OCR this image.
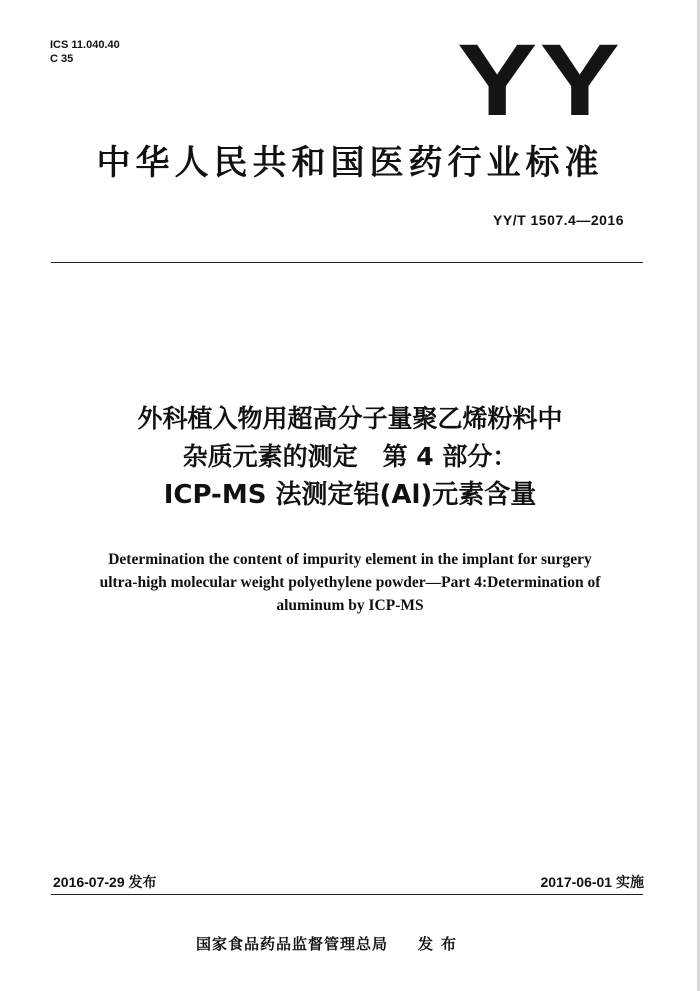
ICS 11.040.40
C 35	YY
中华人民共和国医药行业标准
YY/T 1507.4—2016
外科植入物用超高分子量聚乙烯粉料中
杂质元素的测定　第 4 部分：
ICP-MS 法测定铝(Al)元素含量
Determination the content of impurity element in the implant for surgery
ultra-high molecular weight polyethylene powder—Part 4:Determination of
aluminum by ICP-MS
2016-07-29 发布	2017-06-01 实施
国家食品药品监督管理总局 发布
